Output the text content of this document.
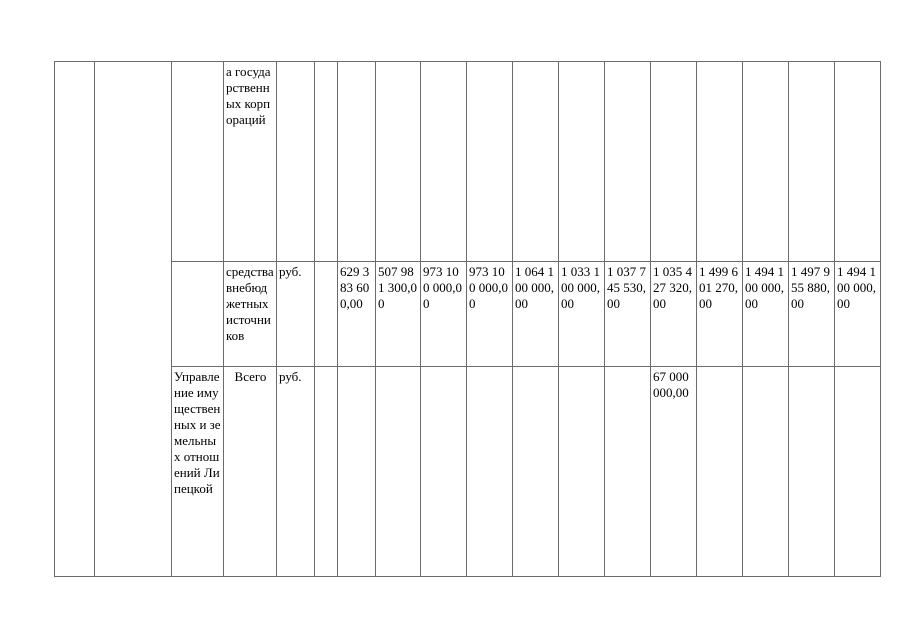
			а государственных корпораций														
			средства внебюджетных источников	руб.		629 383 600,00	507 981 300,00	973 100 000,00	973 100 000,00	1 064 100 000,00	1 033 100 000,00	1 037 745 530,00	1 035 427 320,00	1 499 601 270,00	1 494 100 000,00	1 497 955 880,00	1 494 100 000,00
		Управление имущественных и земельных отношений Липецкой	Всего	руб.									67 000 000,00				
